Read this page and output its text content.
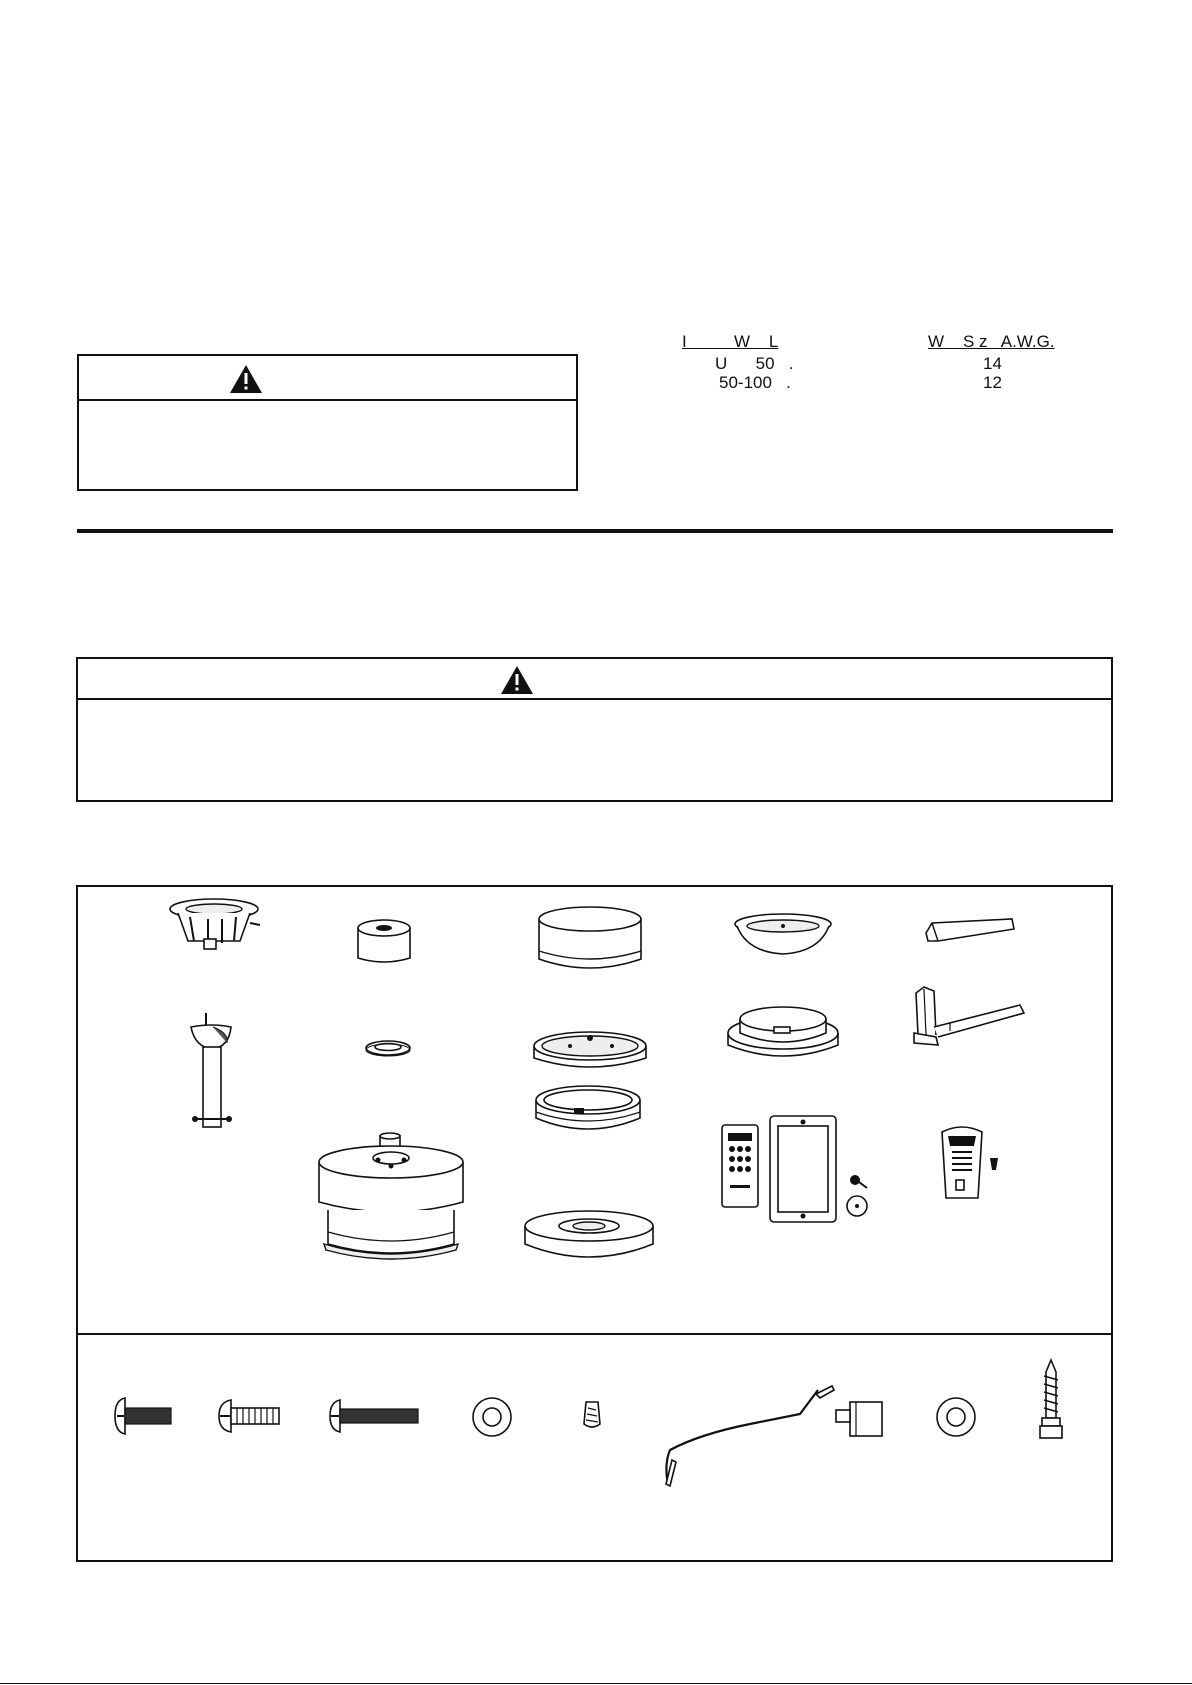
I          W    L	W    S z   A.W.G.
U      50   .	14
50-100   .	12
